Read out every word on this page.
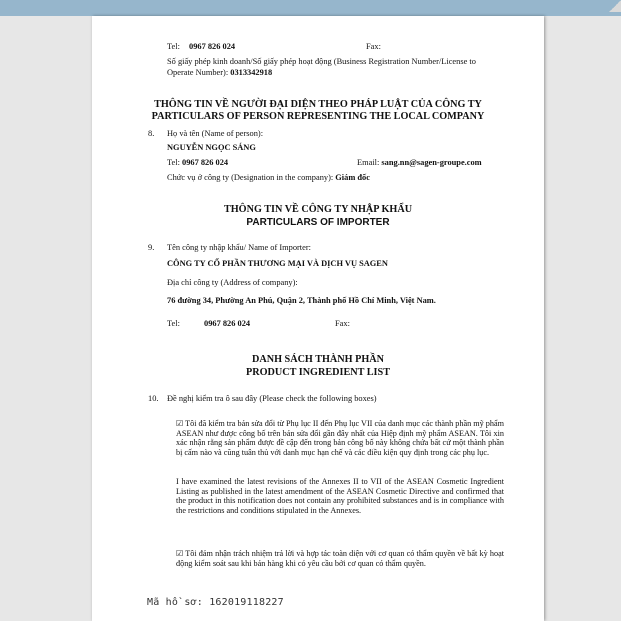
Tel: 0967 826 024	Fax:
Số giấy phép kinh doanh/Số giấy phép hoạt động (Business Registration Number/License to
Operate Number): 0313342918
THÔNG TIN VỀ NGƯỜI ĐẠI DIỆN THEO PHÁP LUẬT CỦA CÔNG TY
PARTICULARS OF PERSON REPRESENTING THE LOCAL COMPANY
8. Họ và tên (Name of person):
NGUYỄN NGỌC SÁNG
Tel: 0967 826 024	Email: sang.nn@sagen-groupe.com
Chức vụ ở công ty (Designation in the company): Giám đốc
THÔNG TIN VỀ CÔNG TY NHẬP KHẨU
PARTICULARS OF IMPORTER
9. Tên công ty nhập khẩu/ Name of Importer:
CÔNG TY CỔ PHẦN THƯƠNG MẠI VÀ DỊCH VỤ SAGEN
Địa chỉ công ty (Address of company):
76 đường 34, Phường An Phú, Quận 2, Thành phố Hồ Chí Minh, Việt Nam.
Tel:	0967 826 024	Fax:
DANH SÁCH THÀNH PHẦN
PRODUCT INGREDIENT LIST
10. Đề nghị kiểm tra ô sau đây (Please check the following boxes)
☑ Tôi đã kiểm tra bản sửa đổi từ Phụ lục II đến Phụ lục VII của danh mục các thành phần mỹ phẩm ASEAN như được công bố trên bản sửa đổi gần đây nhất của Hiệp định mỹ phẩm ASEAN. Tôi xin xác nhận rằng sản phẩm được đề cập đến trong bản công bố này không chứa bất cứ một thành phần bị cấm nào và cũng tuân thủ với danh mục hạn chế và các điều kiện quy định trong các phụ lục.
I have examined the latest revisions of the Annexes II to VII of the ASEAN Cosmetic Ingredient Listing as published in the latest amendment of the ASEAN Cosmetic Directive and confirmed that the product in this notification does not contain any prohibited substances and is in compliance with the restrictions and conditions stipulated in the Annexes.
☑ Tôi đảm nhận trách nhiệm trả lời và hợp tác toàn diện với cơ quan có thẩm quyền về bất kỳ hoạt động kiểm soát sau khi bán hàng khi có yêu cầu bởi cơ quan có thẩm quyền.
Mã hồ sơ: 162019118227
